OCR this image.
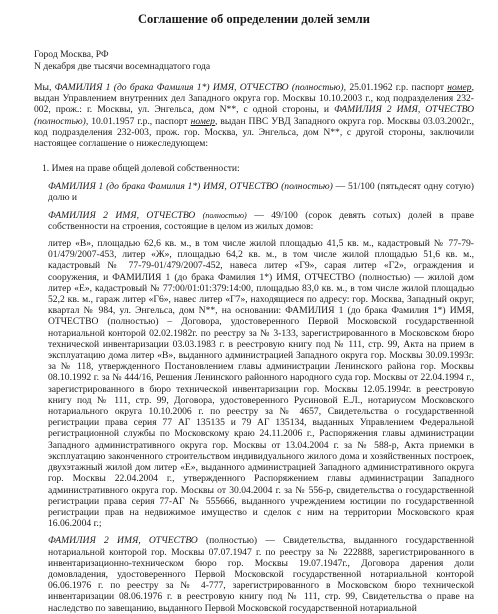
Соглашение об определении долей земли
Город Москва, РФ
N декабря две тысячи восемнадцатого года

Мы, ФАМИЛИЯ 1 (до брака Фамилия 1*) ИМЯ, ОТЧЕСТВО (полностью), 25.01.1962 г.р. паспорт номер, выдан Управлением внутренних дел Западного округа гор. Москвы 10.10.2003 г., код подразделения 232-002, прож.: г. Москвы, ул. Энгельса, дом N**, с одной стороны, и ФАМИЛИЯ 2 ИМЯ, ОТЧЕСТВО (полностью), 10.01.1957 г.р., паспорт номер, выдан ПВС УВД Западного округа гор. Москвы 03.03.2002г., код подразделения 232-003, прож. гор. Москва, ул. Энгельса, дом N**, с другой стороны, заключили настоящее соглашение о нижеследующем:

1. Имея на праве общей долевой собственности:

ФАМИЛИЯ 1 (до брака Фамилия 1*) ИМЯ, ОТЧЕСТВО (полностью) — 51/100 (пятьдесят одну сотую) долю и

ФАМИЛИЯ 2 ИМЯ, ОТЧЕСТВО (полностью) — 49/100 (сорок девять сотых) долей в праве собственности на строения, состоящие в целом из жилых домов:

литер «В», площадью 62,6 кв. м., в том числе жилой площадью 41,5 кв. м., кадастровый № 77-79-01/479/2007-453, литер «Ж», площадью 64,2 кв. м., в том числе жилой площадью 51,6 кв. м., кадастровый № 77-79-01/479/2007-452, навеса литер «Г9», сарая литер «Г2», ограждения и сооружения, и ФАМИЛИЯ 1 (до брака Фамилия 1*) ИМЯ, ОТЧЕСТВО (полностью) — жилой дом литер «Е», кадастровый № 77:00/01:01:379:14:00, площадью 83,0 кв. м., в том числе жилой площадью 52,2 кв. м., гараж литер «Г6», навес литер «Г7», находящиеся по адресу: гор. Москва, Западный округ, квартал № 984, ул. Энгельса, дом N**, на основании: ФАМИЛИЯ 1 (до брака Фамилия 1*) ИМЯ, ОТЧЕСТВО (полностью) – Договора, удостоверенного Первой Московской государственной нотариальной конторой 02.02.1982г. по реестру за № 3-133, зарегистрированного в Московском бюро технической инвентаризации 03.03.1983 г. в реестровую книгу под № 111, стр. 99, Акта на прием в эксплуатацию дома литер «В», выданного администрацией Западного округа гор. Москвы 30.09.1993г. за № 118, утвержденного Постановлением главы администрации Ленинского района гор. Москвы 08.10.1992 г. за № 444/16, Решения Ленинского районного народного суда гор. Москвы от 22.04.1994 г., зарегистрированного в бюро технической инвентаризации гор. Москвы 12.05.1994г. в реестровую книгу под № 111, стр. 99, Договора, удостоверенного Русиновой Е.Л., нотариусом Московского нотариального округа 10.10.2006 г. по реестру за № 4657, Свидетельства о государственной регистрации права серия 77 АГ 135135 и 79 АГ 135134, выданных Управлением Федеральной регистрационной службы по Московскому краю 24.11.2006 г., Распоряжения главы администрации Западного административного округа гор. Москвы от 13.04.2004 г. за № 588-р, Акта приемки в эксплуатацию законченного строительством индивидуального жилого дома и хозяйственных построек, двухэтажный жилой дом литер «Е», выданного администрацией Западного административного округа гор. Москвы 22.04.2004 г., утвержденного Распоряжением главы администрации Западного административного округа гор. Москвы от 30.04.2004 г. за № 556-р, свидетельства о государственной регистрации права серия 77-АГ № 555666, выданного учреждением юстиции по государственной регистрации прав на недвижимое имущество и сделок с ним на территории Московского края 16.06.2004 г.;

ФАМИЛИЯ 2 ИМЯ, ОТЧЕСТВО (полностью) — Свидетельства, выданного государственной нотариальной конторой гор. Москвы 07.07.1947 г. по реестру за № 222888, зарегистрированного в инвентаризационно-техническом бюро гор. Москвы 19.07.1947г., Договора дарения доли домовладения, удостоверенного Первой Московской государственной нотариальной конторой 06.06.1976 г. по реестру за № 4-777, зарегистрированного в Московском бюро технической инвентаризации 08.06.1976 г. в реестровую книгу под № 111, стр. 99, Свидетельства о праве на наследство по завещанию, выданного Первой Московской государственной нотариальной
